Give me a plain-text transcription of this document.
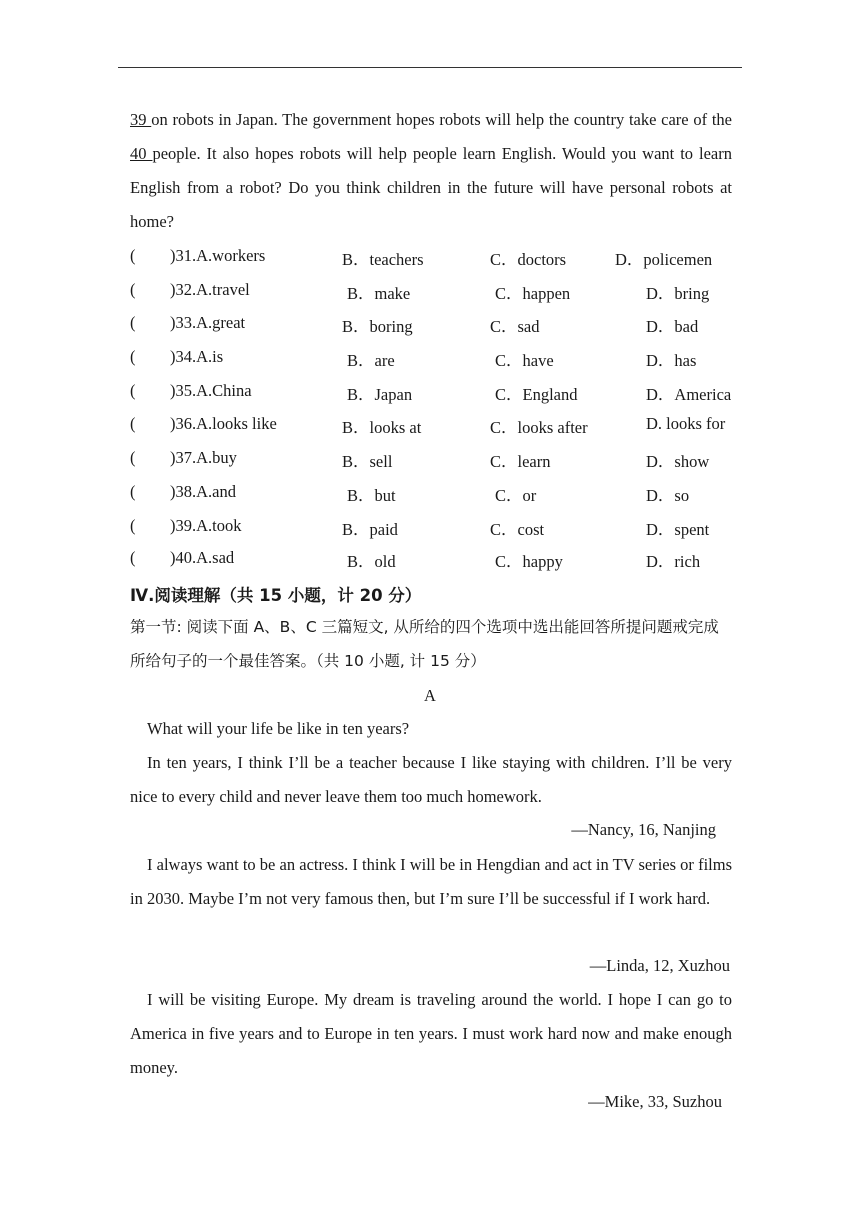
39 on robots in Japan. The government hopes robots will help the country take care of the 40 people. It also hopes robots will help people learn English. Would you want to learn English from a robot? Do you think children in the future will have personal robots at home?
( )31.A.workers	B．teachers	C．doctors	D．policemen
( )32.A.travel	B．make	C．happen	D．bring
( )33.A.great	B．boring	C．sad	D．bad
( )34.A.is	B．are	C．have	D．has
( )35.A.China	B．Japan	C．England	D．America
( )36.A.looks like	B．looks at	C．looks after	D. looks for
( )37.A.buy	B．sell	C．learn	D．show
( )38.A.and	B．but	C．or	D．so
( )39.A.took	B．paid	C．cost	D．spent
( )40.A.sad	B．old	C．happy	D．rich
Ⅳ.阅读理解（共 15 小题，计 20 分）
第一节: 阅读下面 A、B、C 三篇短文, 从所给的四个选项中选出能回答所提问题戒完成所给句子的一个最佳答案。（共 10 小题, 计 15 分）
A
What will your life be like in ten years?
In ten years, I think I’ll be a teacher because I like staying with children. I’ll be very nice to every child and never leave them too much homework.
—Nancy, 16, Nanjing
I always want to be an actress. I think I will be in Hengdian and act in TV series or films in 2030. Maybe I’m not very famous then, but I’m sure I’ll be successful if I work hard.
—Linda, 12, Xuzhou
I will be visiting Europe. My dream is traveling around the world. I hope I can go to America in five years and to Europe in ten years. I must work hard now and make enough money.
—Mike, 33, Suzhou
